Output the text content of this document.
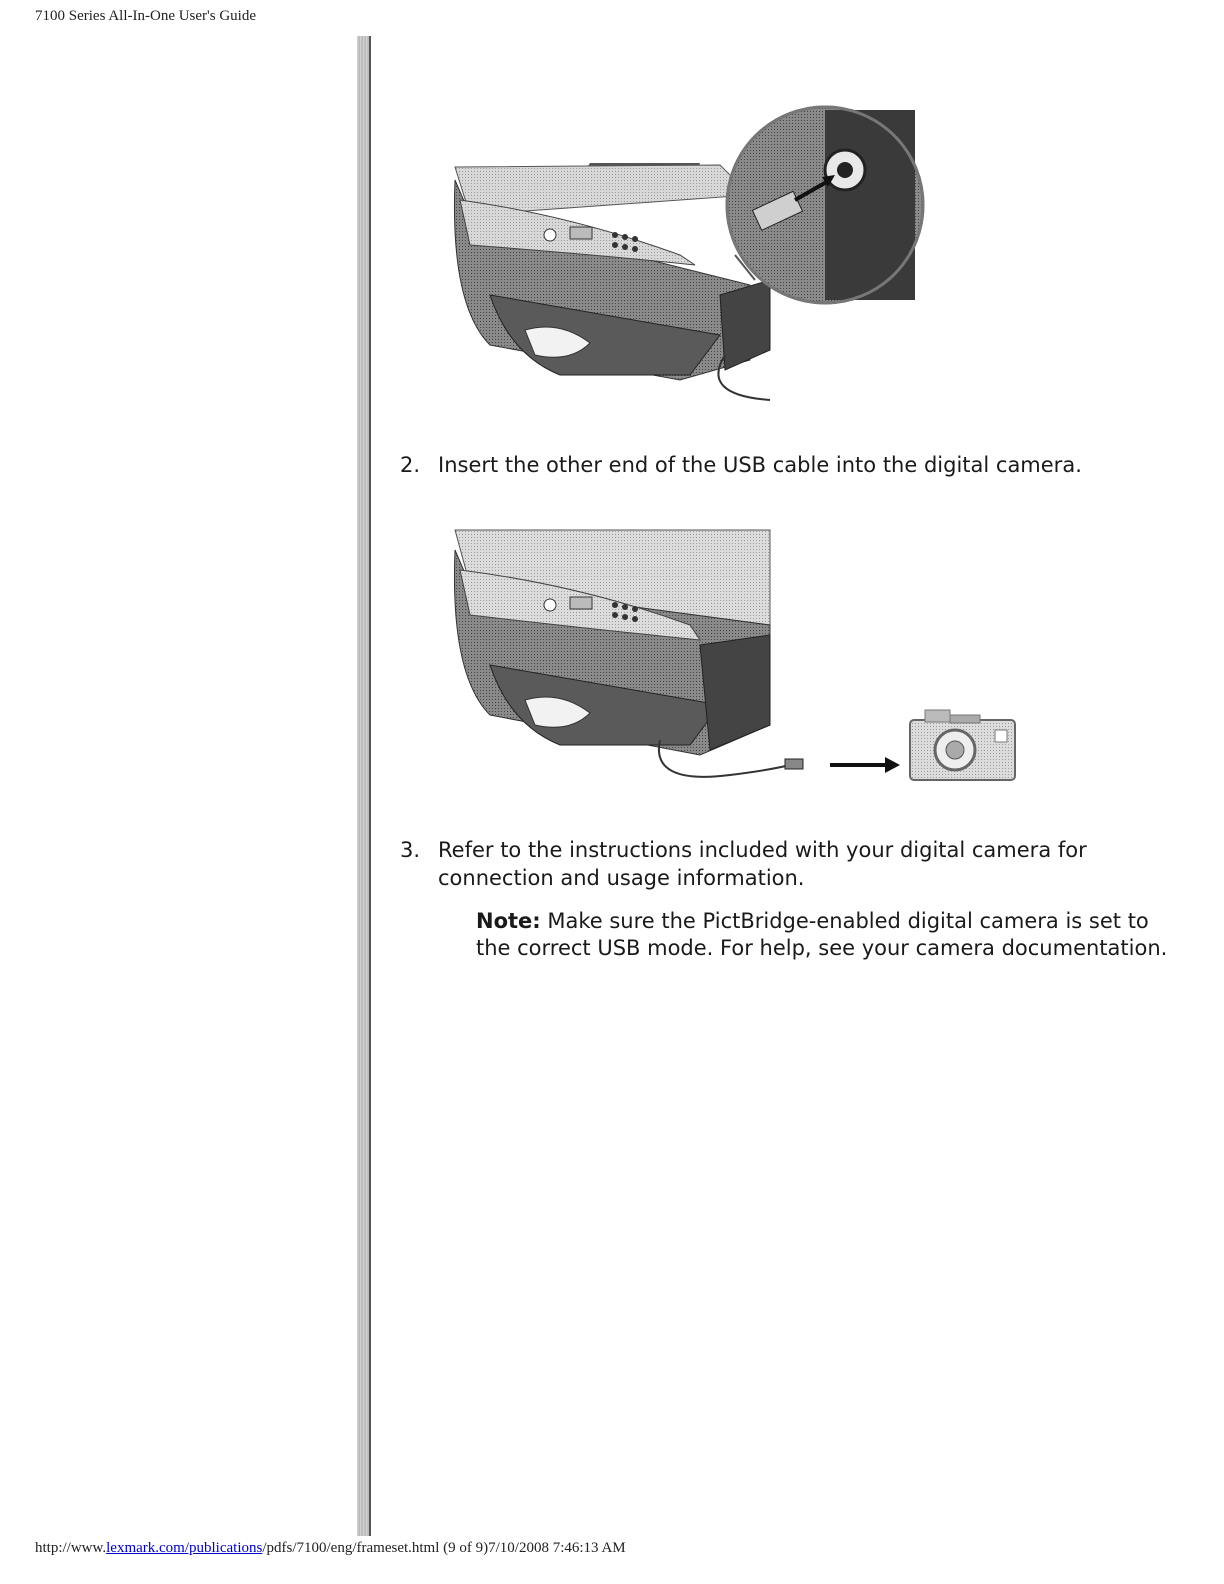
7100 Series All-In-One User's Guide
2. Insert the other end of the USB cable into the digital camera.
3. Refer to the instructions included with your digital camera for connection and usage information.
Note: Make sure the PictBridge-enabled digital camera is set to the correct USB mode. For help, see your camera documentation.
http://www.lexmark.com/publications/pdfs/7100/eng/frameset.html (9 of 9)7/10/2008 7:46:13 AM
